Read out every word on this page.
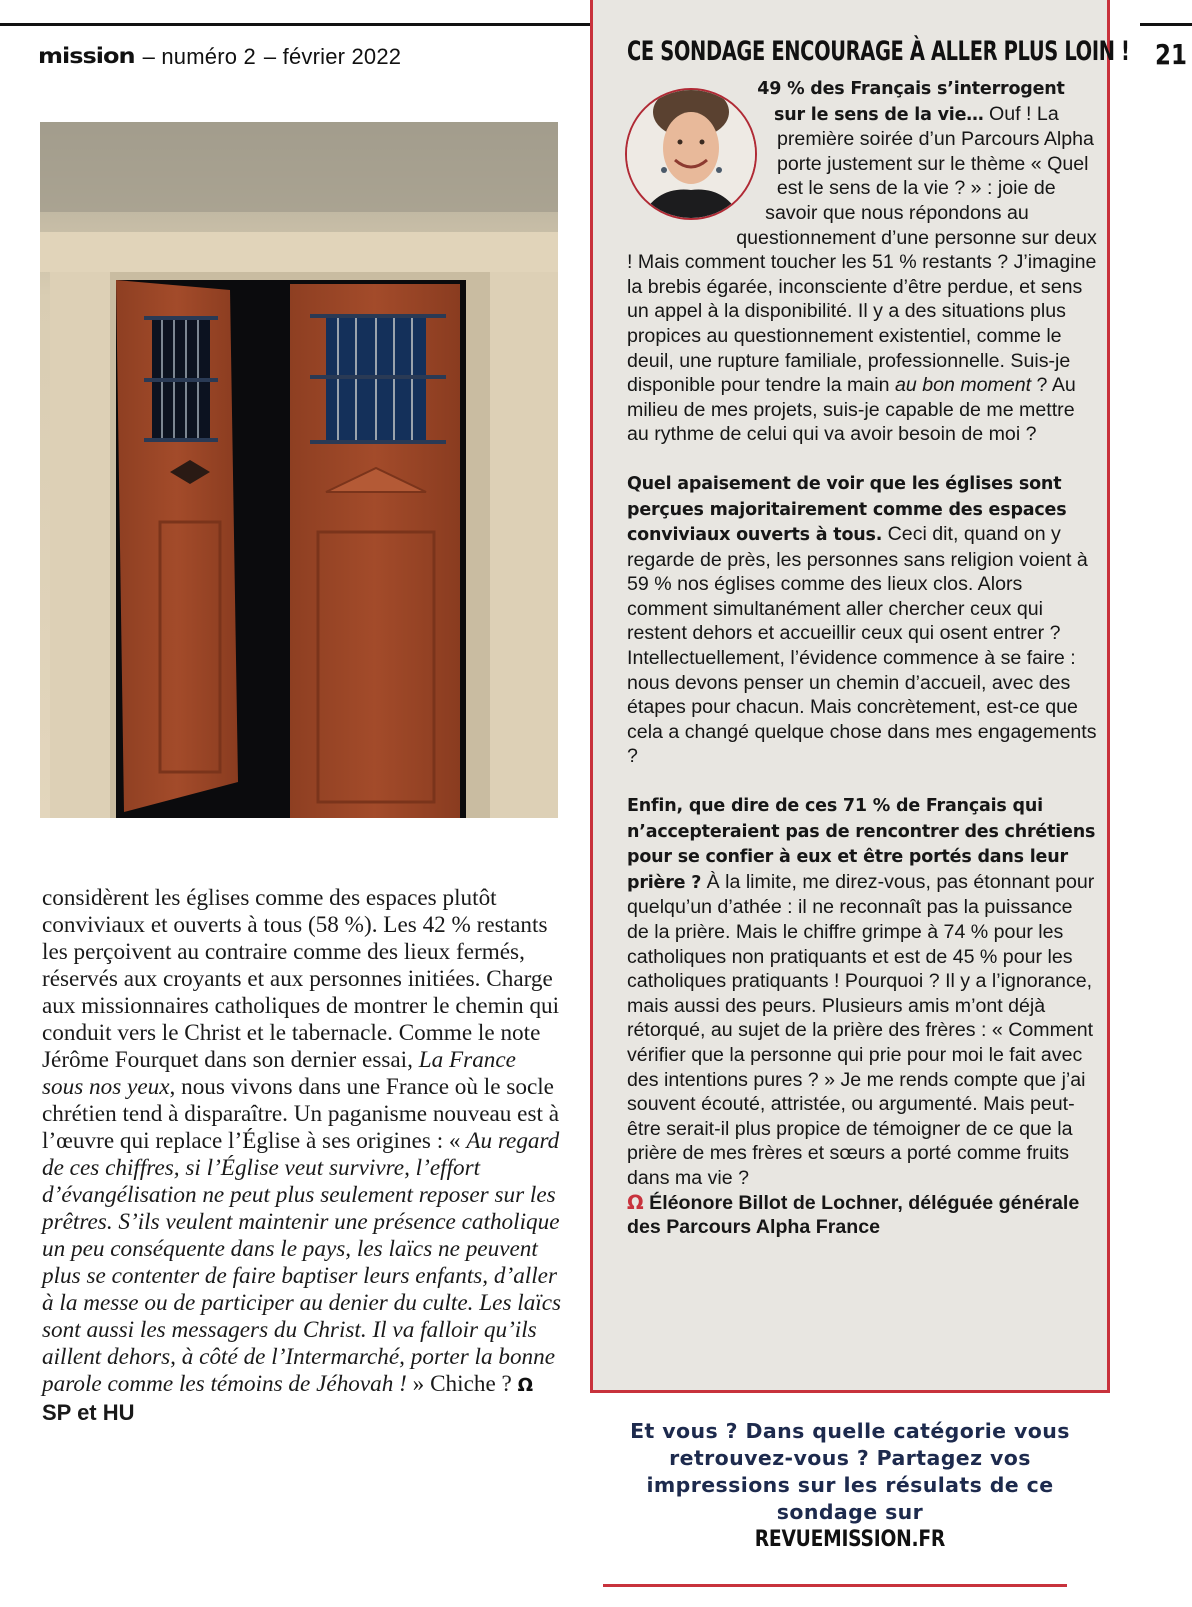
mission – numéro 2 – février 2022	21

considèrent les églises comme des espaces plutôt conviviaux et ouverts à tous (58 %). Les 42 % restants les perçoivent au contraire comme des lieux fermés, réservés aux croyants et aux personnes initiées. Charge aux missionnaires catholiques de montrer le chemin qui conduit vers le Christ et le tabernacle. Comme le note Jérôme Fourquet dans son dernier essai, La France sous nos yeux, nous vivons dans une France où le socle chrétien tend à disparaître. Un paganisme nouveau est à l’œuvre qui replace l’Église à ses origines : « Au regard de ces chiffres, si l’Église veut survivre, l’effort d’évangélisation ne peut plus seulement reposer sur les prêtres. S’ils veulent maintenir une présence catholique un peu conséquente dans le pays, les laïcs ne peuvent plus se contenter de faire baptiser leurs enfants, d’aller à la messe ou de participer au denier du culte. Les laïcs sont aussi les messagers du Christ. Il va falloir qu’ils aillent dehors, à côté de l’Intermarché, porter la bonne parole comme les témoins de Jéhovah ! » Chiche ? Ω SP et HU

CE SONDAGE ENCOURAGE À ALLER PLUS LOIN !

49 % des Français s’interrogent sur le sens de la vie… Ouf ! La première soirée d’un Parcours Alpha porte justement sur le thème « Quel est le sens de la vie ? » : joie de savoir que nous répondons au questionnement d’une personne sur deux ! Mais comment toucher les 51 % restants ? J’imagine la brebis égarée, inconsciente d’être perdue, et sens un appel à la disponibilité. Il y a des situations plus propices au questionnement existentiel, comme le deuil, une rupture familiale, professionnelle. Suis-je disponible pour tendre la main au bon moment ? Au milieu de mes projets, suis-je capable de me mettre au rythme de celui qui va avoir besoin de moi ?

Quel apaisement de voir que les églises sont perçues majoritairement comme des espaces conviviaux ouverts à tous. Ceci dit, quand on y regarde de près, les personnes sans religion voient à 59 % nos églises comme des lieux clos. Alors comment simultanément aller chercher ceux qui restent dehors et accueillir ceux qui osent entrer ? Intellectuellement, l’évidence commence à se faire : nous devons penser un chemin d’accueil, avec des étapes pour chacun. Mais concrètement, est-ce que cela a changé quelque chose dans mes engagements ?

Enfin, que dire de ces 71 % de Français qui n’accepteraient pas de rencontrer des chrétiens pour se confier à eux et être portés dans leur prière ? À la limite, me direz-vous, pas étonnant pour quelqu’un d’athée : il ne reconnaît pas la puissance de la prière. Mais le chiffre grimpe à 74 % pour les catholiques non pratiquants et est de 45 % pour les catholiques pratiquants ! Pourquoi ? Il y a l’ignorance, mais aussi des peurs. Plusieurs amis m’ont déjà rétorqué, au sujet de la prière des frères : « Comment vérifier que la personne qui prie pour moi le fait avec des intentions pures ? » Je me rends compte que j’ai souvent écouté, attristée, ou argumenté. Mais peut-être serait-il plus propice de témoigner de ce que la prière de mes frères et sœurs a porté comme fruits dans ma vie ?
Ω Éléonore Billot de Lochner, déléguée générale des Parcours Alpha France

Et vous ? Dans quelle catégorie vous retrouvez-vous ? Partagez vos impressions sur les résulats de ce sondage sur
REVUEMISSION.FR
